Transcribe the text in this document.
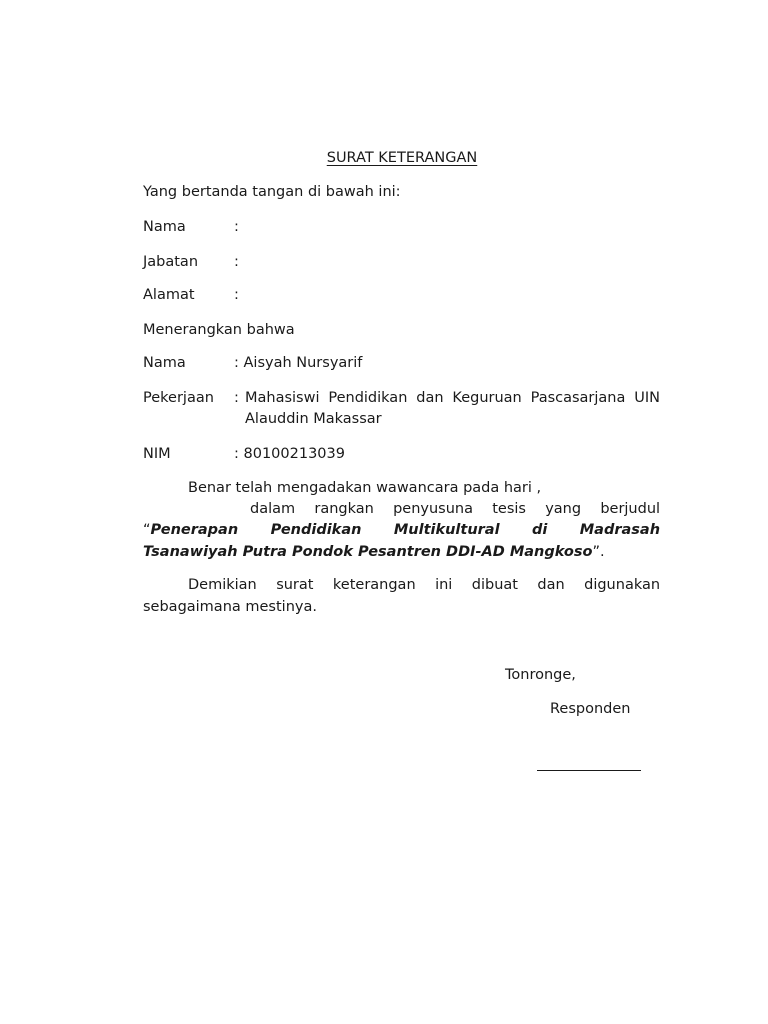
SURAT KETERANGAN
Yang bertanda tangan di bawah ini:
Nama	:
Jabatan :
Alamat	:
Menerangkan bahwa
Nama	: Aisyah Nursyarif
Pekerjaan : Mahasiswi Pendidikan dan Keguruan Pascasarjana UIN
Alauddin Makassar
NIM	: 80100213039
Benar telah mengadakan wawancara pada hari ,
dalam rangkan penyusuna tesis yang berjudul
“Penerapan Pendidikan Multikultural di Madrasah
Tsanawiyah Putra Pondok Pesantren DDI-AD Mangkoso”.
Demikian surat keterangan ini dibuat dan digunakan
sebagaimana mestinya.
Tonronge,
Responden
